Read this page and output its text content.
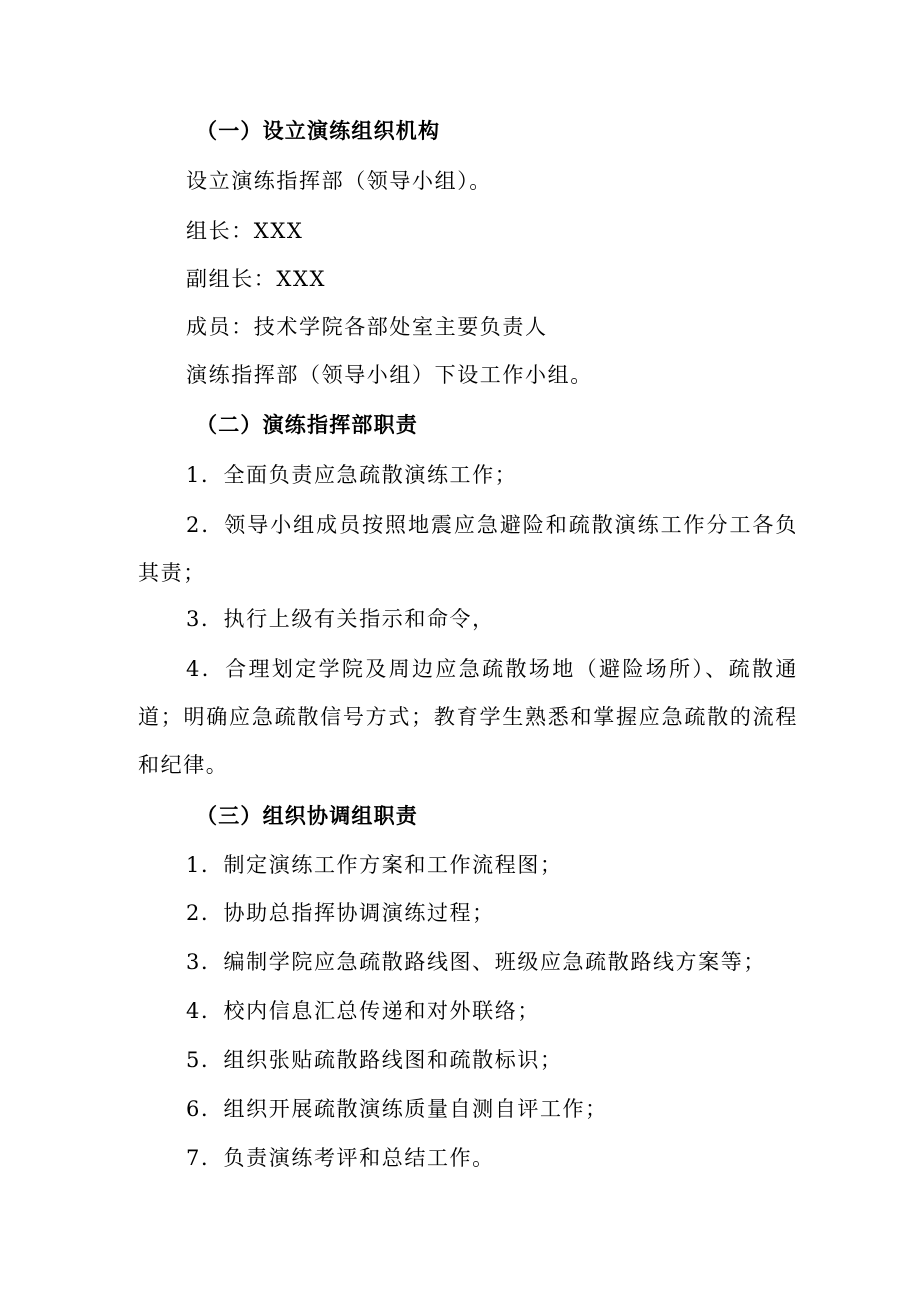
（一）设立演练组织机构
设立演练指挥部（领导小组）。
组长：XXX
副组长：XXX
成员：技术学院各部处室主要负责人
演练指挥部（领导小组）下设工作小组。
（二）演练指挥部职责
1．全面负责应急疏散演练工作；
2．领导小组成员按照地震应急避险和疏散演练工作分工各负其责；
3．执行上级有关指示和命令，
4．合理划定学院及周边应急疏散场地（避险场所）、疏散通道；明确应急疏散信号方式；教育学生熟悉和掌握应急疏散的流程和纪律。
（三）组织协调组职责
1．制定演练工作方案和工作流程图；
2．协助总指挥协调演练过程；
3．编制学院应急疏散路线图、班级应急疏散路线方案等；
4．校内信息汇总传递和对外联络；
5．组织张贴疏散路线图和疏散标识；
6．组织开展疏散演练质量自测自评工作；
7．负责演练考评和总结工作。
